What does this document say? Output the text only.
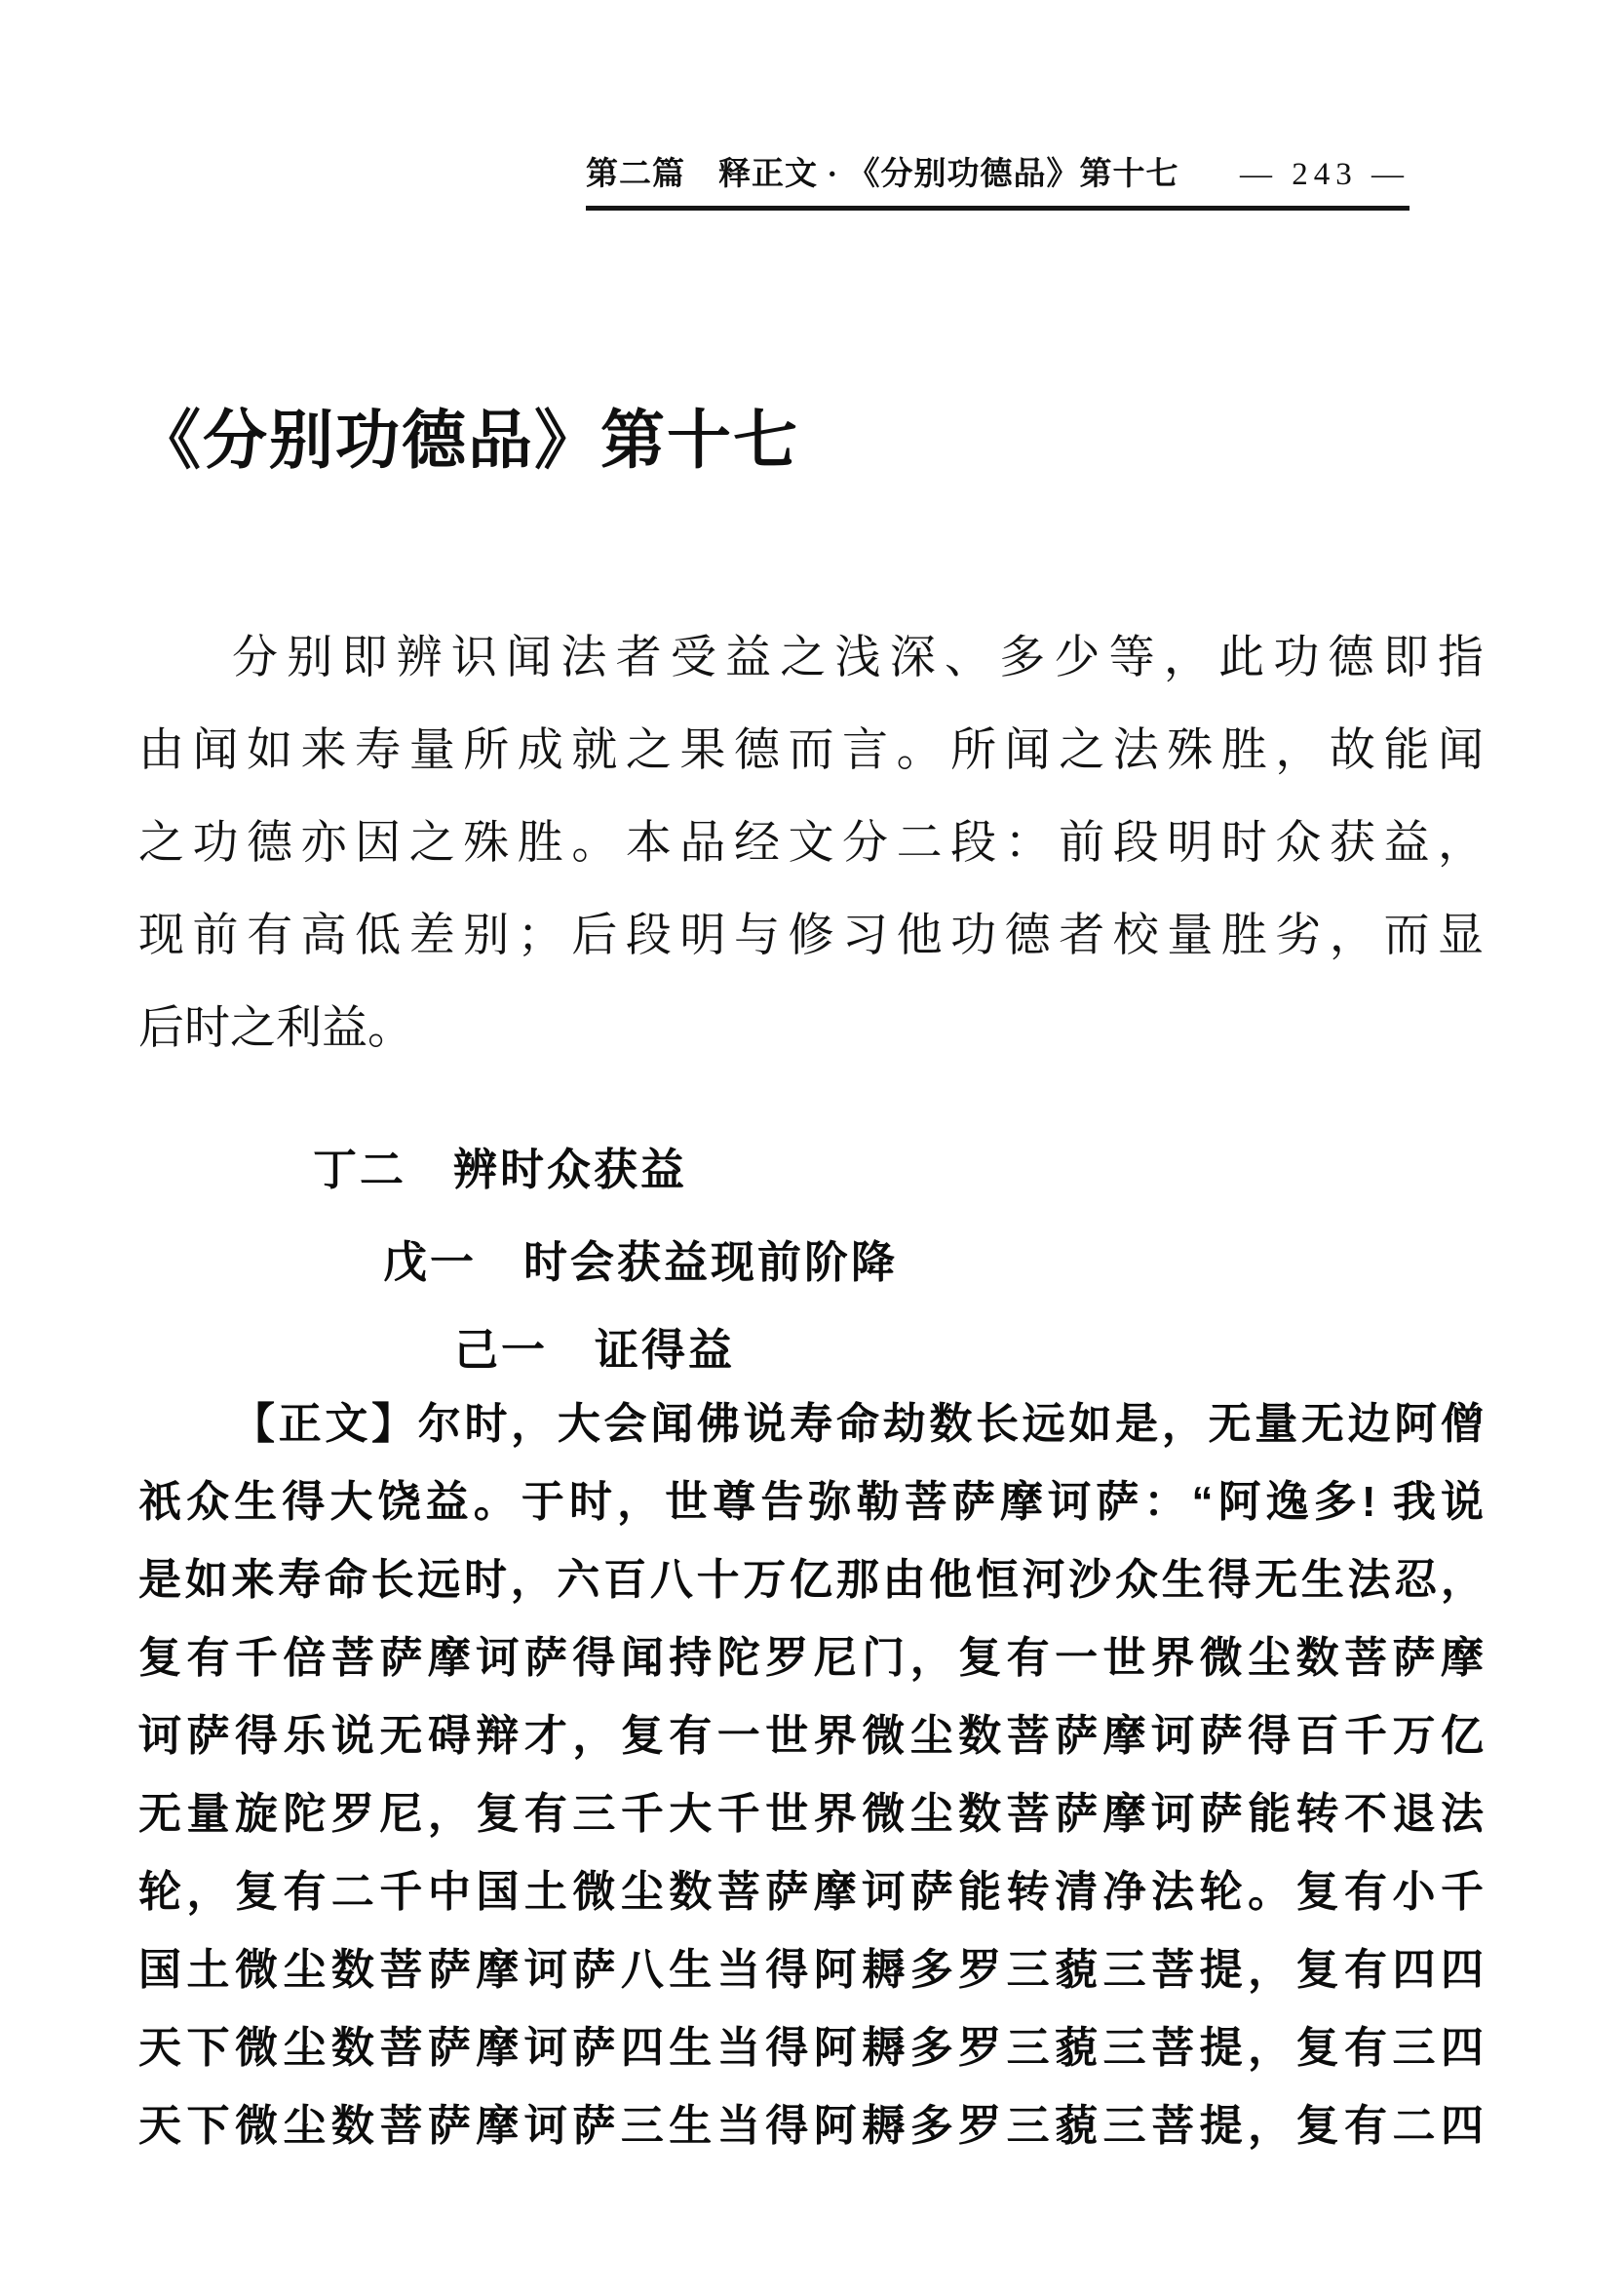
第二篇　释正文 · 《分别功德品》第十七 — 243 —
《分别功德品》第十七
分别即辨识闻法者受益之浅深、多少等，此功德即指
由闻如来寿量所成就之果德而言。所闻之法殊胜，故能闻
之功德亦因之殊胜。本品经文分二段：前段明时众获益，
现前有高低差别；后段明与修习他功德者校量胜劣，而显
后时之利益。
丁二　辨时众获益
戊一　时会获益现前阶降
己一　证得益
【正文】尔时，大会闻佛说寿命劫数长远如是，无量无边阿僧
祇众生得大饶益。于时，世尊告弥勒菩萨摩诃萨：“阿逸多! 我说
是如来寿命长远时，六百八十万亿那由他恒河沙众生得无生法忍，
复有千倍菩萨摩诃萨得闻持陀罗尼门，复有一世界微尘数菩萨摩
诃萨得乐说无碍辩才，复有一世界微尘数菩萨摩诃萨得百千万亿
无量旋陀罗尼，复有三千大千世界微尘数菩萨摩诃萨能转不退法
轮，复有二千中国土微尘数菩萨摩诃萨能转清净法轮。复有小千
国土微尘数菩萨摩诃萨八生当得阿耨多罗三藐三菩提，复有四四
天下微尘数菩萨摩诃萨四生当得阿耨多罗三藐三菩提，复有三四
天下微尘数菩萨摩诃萨三生当得阿耨多罗三藐三菩提，复有二四
